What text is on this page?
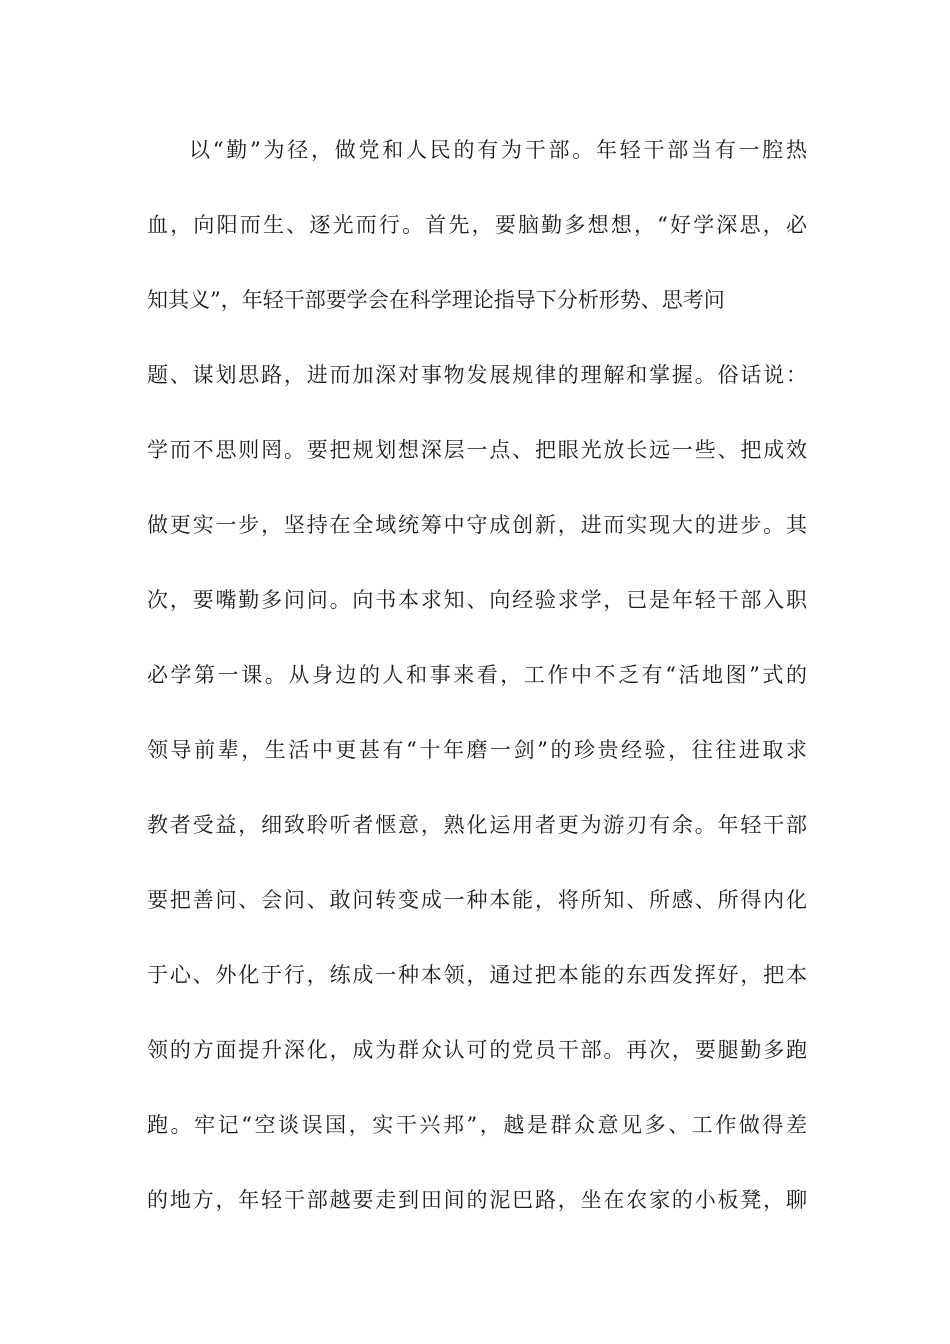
以“勤”为径，做党和人民的有为干部。年轻干部当有一腔热
血，向阳而生、逐光而行。首先，要脑勤多想想，“好学深思，必
知其义”，年轻干部要学会在科学理论指导下分析形势、思考问
题、谋划思路，进而加深对事物发展规律的理解和掌握。俗话说：
学而不思则罔。要把规划想深层一点、把眼光放长远一些、把成效
做更实一步，坚持在全域统筹中守成创新，进而实现大的进步。其
次，要嘴勤多问问。向书本求知、向经验求学，已是年轻干部入职
必学第一课。从身边的人和事来看，工作中不乏有“活地图”式的
领导前辈，生活中更甚有“十年磨一剑”的珍贵经验，往往进取求
教者受益，细致聆听者惬意，熟化运用者更为游刃有余。年轻干部
要把善问、会问、敢问转变成一种本能，将所知、所感、所得内化
于心、外化于行，练成一种本领，通过把本能的东西发挥好，把本
领的方面提升深化，成为群众认可的党员干部。再次，要腿勤多跑
跑。牢记“空谈误国，实干兴邦”，越是群众意见多、工作做得差
的地方，年轻干部越要走到田间的泥巴路，坐在农家的小板凳，聊
